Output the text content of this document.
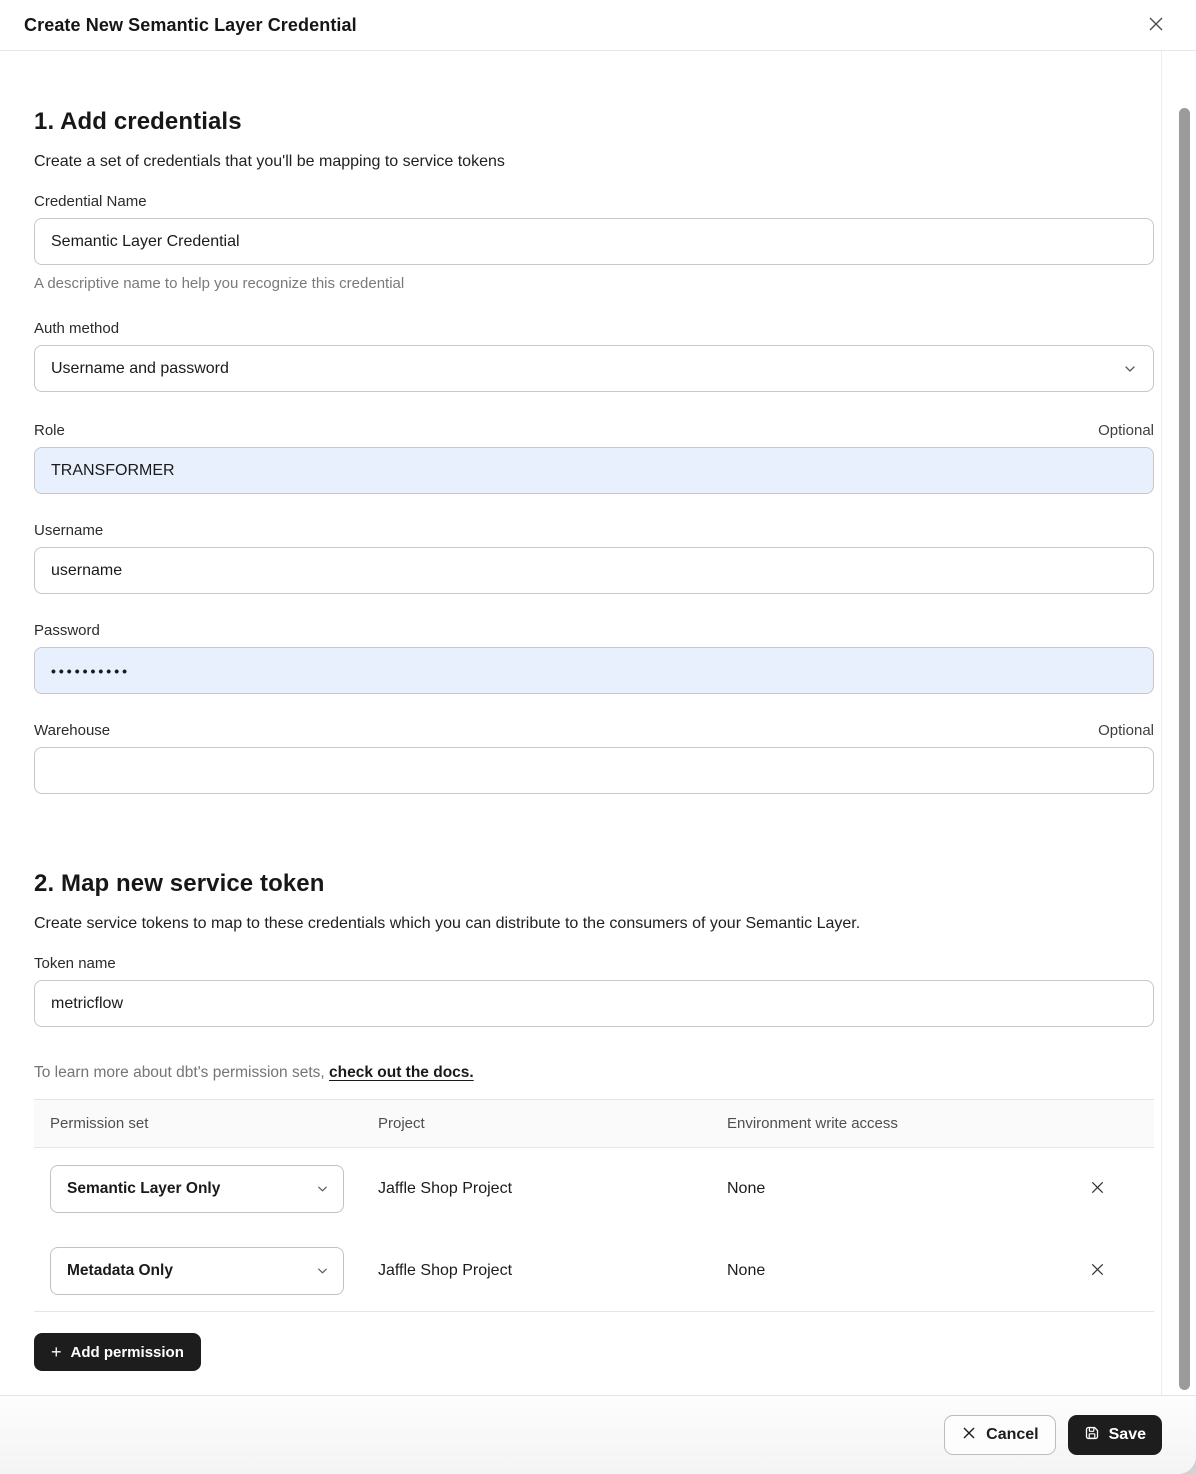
Create New Semantic Layer Credential
1. Add credentials
Create a set of credentials that you'll be mapping to service tokens
Credential Name
Semantic Layer Credential
A descriptive name to help you recognize this credential
Auth method
Username and password
Role	Optional
TRANSFORMER
Username
username
Password
••••••••••
Warehouse	Optional
2. Map new service token
Create service tokens to map to these credentials which you can distribute to the consumers of your Semantic Layer.
Token name
metricflow
To learn more about dbt's permission sets, check out the docs.
Permission set	Project	Environment write access
Semantic Layer Only	Jaffle Shop Project	None
Metadata Only	Jaffle Shop Project	None
+ Add permission
Cancel	Save
